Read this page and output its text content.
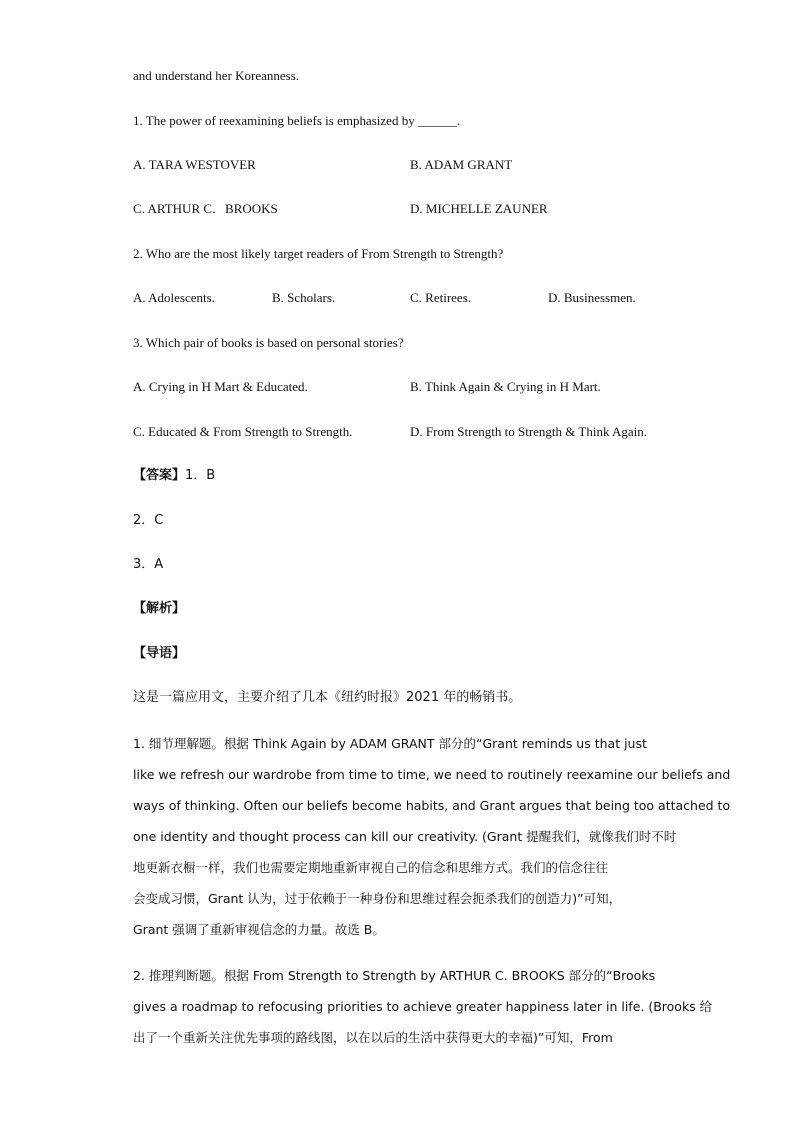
and understand her Koreanness.
1. The power of reexamining beliefs is emphasized by ______.
A. TARA WESTOVER	B. ADAM GRANT
C. ARTHUR C．BROOKS	D. MICHELLE ZAUNER
2. Who are the most likely target readers of From Strength to Strength?
A. Adolescents.	B. Scholars.	C. Retirees.	D. Businessmen.
3. Which pair of books is based on personal stories?
A. Crying in H Mart & Educated.	B. Think Again & Crying in H Mart.
C. Educated & From Strength to Strength.	D. From Strength to Strength & Think Again.
【答案】1．B
2．C
3．A
【解析】
【导语】
这是一篇应用文，主要介绍了几本《纽约时报》2021 年的畅销书。
1. 细节理解题。根据 Think Again by ADAM GRANT 部分的“Grant reminds us that just
like we refresh our wardrobe from time to time, we need to routinely reexamine our beliefs and
ways of thinking. Often our beliefs become habits, and Grant argues that being too attached to
one identity and thought process can kill our creativity. (Grant 提醒我们，就像我们时不时
地更新衣橱一样，我们也需要定期地重新审视自己的信念和思维方式。我们的信念往往
会变成习惯，Grant 认为，过于依赖于一种身份和思维过程会扼杀我们的创造力)”可知，
Grant 强调了重新审视信念的力量。故选 B。
2. 推理判断题。根据 From Strength to Strength by ARTHUR C. BROOKS 部分的“Brooks
gives a roadmap to refocusing priorities to achieve greater happiness later in life. (Brooks 给
出了一个重新关注优先事项的路线图，以在以后的生活中获得更大的幸福)”可知，From
